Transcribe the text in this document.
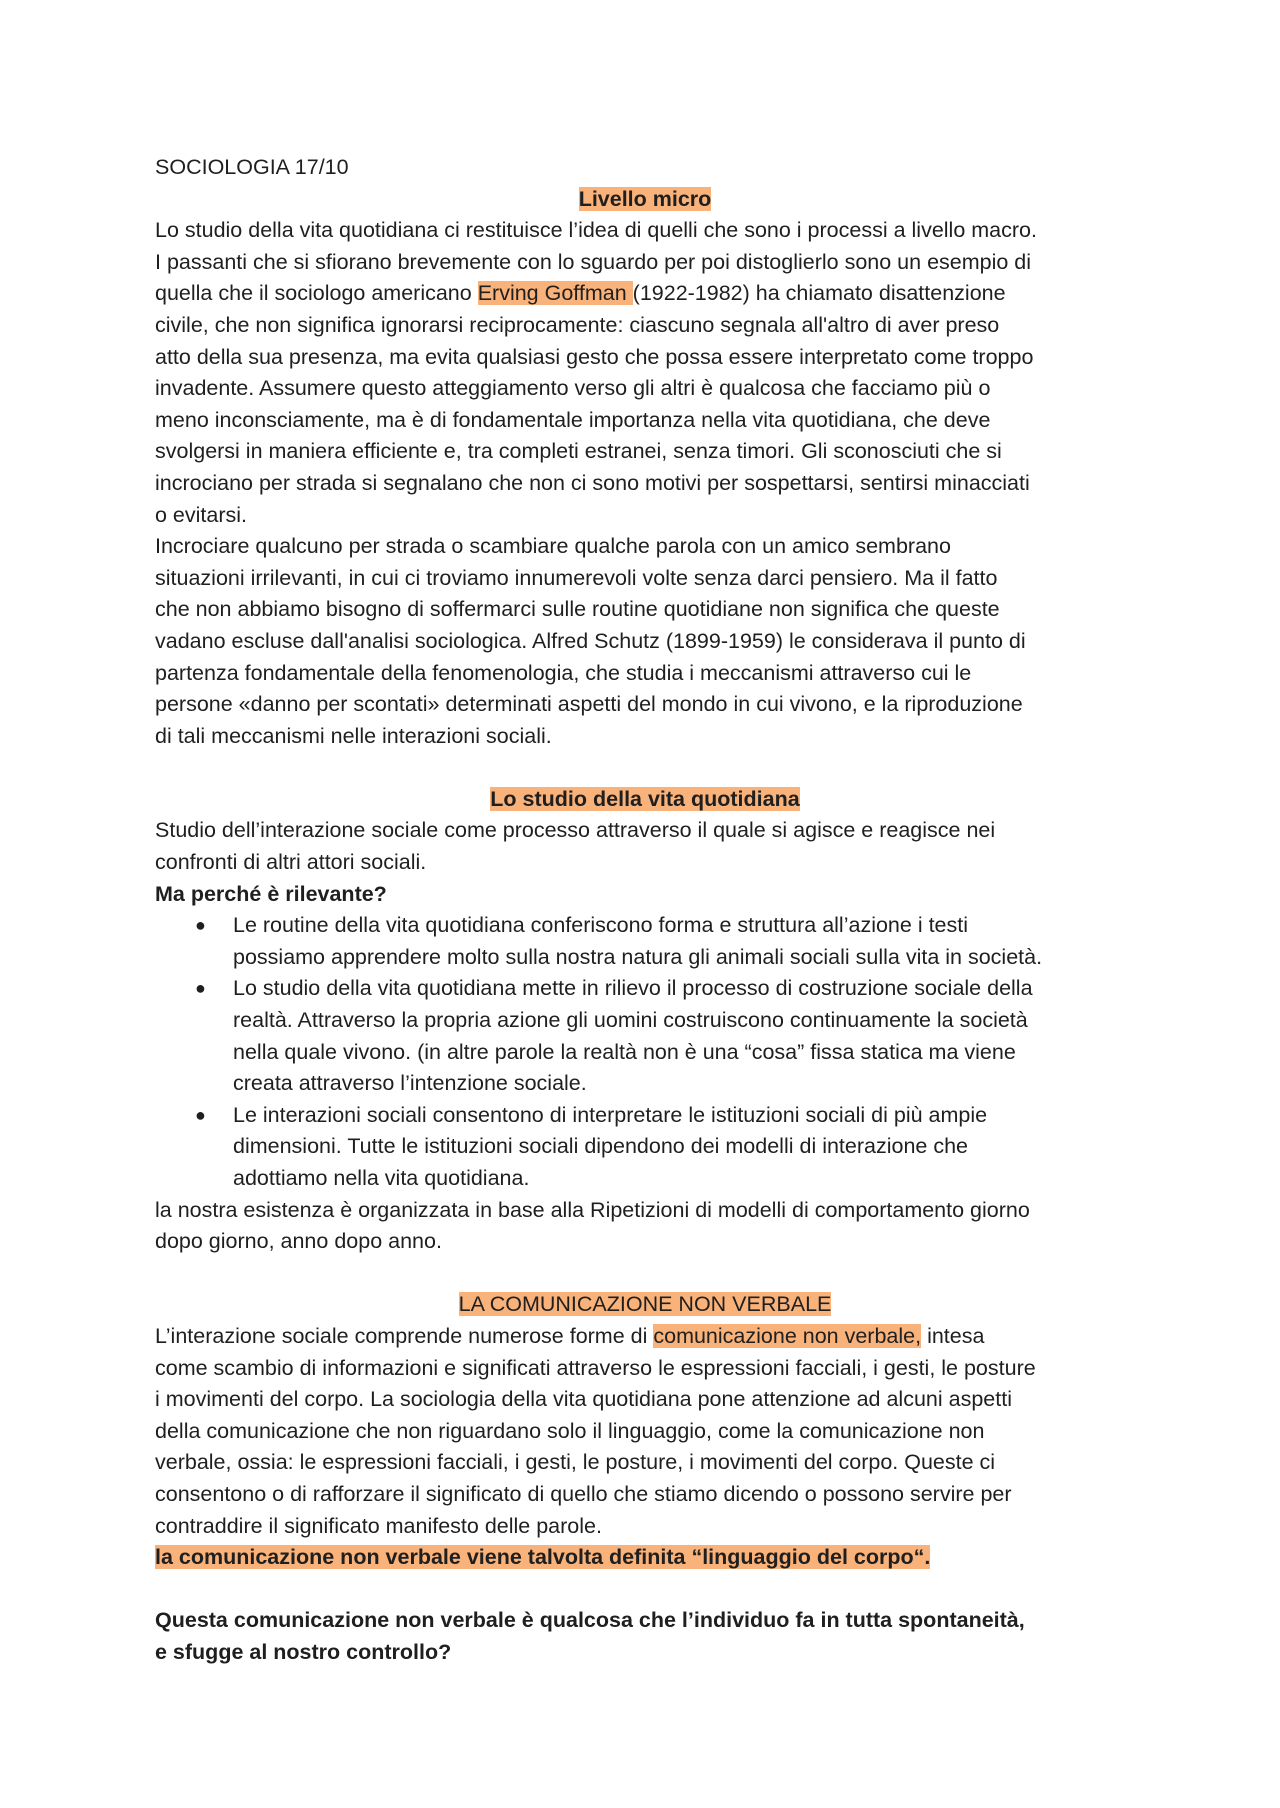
SOCIOLOGIA 17/10
Livello micro
Lo studio della vita quotidiana ci restituisce l’idea di quelli che sono i processi a livello macro.
I passanti che si sfiorano brevemente con lo sguardo per poi distoglierlo sono un esempio di
quella che il sociologo americano Erving Goffman (1922-1982) ha chiamato disattenzione
civile, che non significa ignorarsi reciprocamente: ciascuno segnala all'altro di aver preso
atto della sua presenza, ma evita qualsiasi gesto che possa essere interpretato come troppo
invadente. Assumere questo atteggiamento verso gli altri è qualcosa che facciamo più o
meno inconsciamente, ma è di fondamentale importanza nella vita quotidiana, che deve
svolgersi in maniera efficiente e, tra completi estranei, senza timori. Gli sconosciuti che si
incrociano per strada si segnalano che non ci sono motivi per sospettarsi, sentirsi minacciati
o evitarsi.
Incrociare qualcuno per strada o scambiare qualche parola con un amico sembrano
situazioni irrilevanti, in cui ci troviamo innumerevoli volte senza darci pensiero. Ma il fatto
che non abbiamo bisogno di soffermarci sulle routine quotidiane non significa che queste
vadano escluse dall'analisi sociologica. Alfred Schutz (1899-1959) le considerava il punto di
partenza fondamentale della fenomenologia, che studia i meccanismi attraverso cui le
persone «danno per scontati» determinati aspetti del mondo in cui vivono, e la riproduzione
di tali meccanismi nelle interazioni sociali.
Lo studio della vita quotidiana
Studio dell’interazione sociale come processo attraverso il quale si agisce e reagisce nei
confronti di altri attori sociali.
Ma perché è rilevante?
● Le routine della vita quotidiana conferiscono forma e struttura all’azione i testi
possiamo apprendere molto sulla nostra natura gli animali sociali sulla vita in società.
● Lo studio della vita quotidiana mette in rilievo il processo di costruzione sociale della
realtà. Attraverso la propria azione gli uomini costruiscono continuamente la società
nella quale vivono. (in altre parole la realtà non è una “cosa” fissa statica ma viene
creata attraverso l’intenzione sociale.
● Le interazioni sociali consentono di interpretare le istituzioni sociali di più ampie
dimensioni. Tutte le istituzioni sociali dipendono dei modelli di interazione che
adottiamo nella vita quotidiana.
la nostra esistenza è organizzata in base alla Ripetizioni di modelli di comportamento giorno
dopo giorno, anno dopo anno.
LA COMUNICAZIONE NON VERBALE
L’interazione sociale comprende numerose forme di comunicazione non verbale, intesa
come scambio di informazioni e significati attraverso le espressioni facciali, i gesti, le posture
i movimenti del corpo. La sociologia della vita quotidiana pone attenzione ad alcuni aspetti
della comunicazione che non riguardano solo il linguaggio, come la comunicazione non
verbale, ossia: le espressioni facciali, i gesti, le posture, i movimenti del corpo. Queste ci
consentono o di rafforzare il significato di quello che stiamo dicendo o possono servire per
contraddire il significato manifesto delle parole.
la comunicazione non verbale viene talvolta definita “linguaggio del corpo“.
Questa comunicazione non verbale è qualcosa che l’individuo fa in tutta spontaneità,
e sfugge al nostro controllo?
